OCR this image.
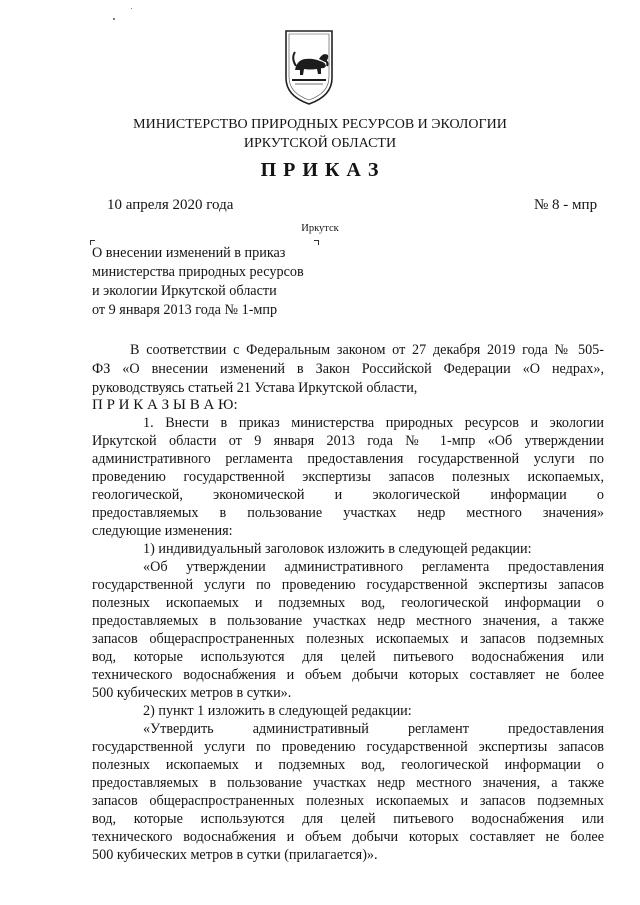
МИНИСТЕРСТВО ПРИРОДНЫХ РЕСУРСОВ И ЭКОЛОГИИ
ИРКУТСКОЙ ОБЛАСТИ
П Р И К А З
10 апреля 2020 года	№ 8 - мпр
Иркутск
О внесении изменений в приказ
министерства природных ресурсов
и экологии Иркутской области
от 9 января 2013 года № 1-мпр
В соответствии с Федеральным законом от 27 декабря 2019 года № 505-
ФЗ «О внесении изменений в Закон Российской Федерации «О недрах»,
руководствуясь статьей 21 Устава Иркутской области,
П Р И К А З Ы В А Ю:
1. Внести в приказ министерства природных ресурсов и экологии
Иркутской области от 9 января 2013 года № 1-мпр «Об утверждении
административного регламента предоставления государственной услуги по
проведению государственной экспертизы запасов полезных ископаемых,
геологической, экономической и экологической информации о
предоставляемых в пользование участках недр местного значения»
следующие изменения:
1) индивидуальный заголовок изложить в следующей редакции:
«Об утверждении административного регламента предоставления
государственной услуги по проведению государственной экспертизы запасов
полезных ископаемых и подземных вод, геологической информации о
предоставляемых в пользование участках недр местного значения, а также
запасов общераспространенных полезных ископаемых и запасов подземных
вод, которые используются для целей питьевого водоснабжения или
технического водоснабжения и объем добычи которых составляет не более
500 кубических метров в сутки».
2) пункт 1 изложить в следующей редакции:
«Утвердить административный регламент предоставления
государственной услуги по проведению государственной экспертизы запасов
полезных ископаемых и подземных вод, геологической информации о
предоставляемых в пользование участках недр местного значения, а также
запасов общераспространенных полезных ископаемых и запасов подземных
вод, которые используются для целей питьевого водоснабжения или
технического водоснабжения и объем добычи которых составляет не более
500 кубических метров в сутки (прилагается)».
